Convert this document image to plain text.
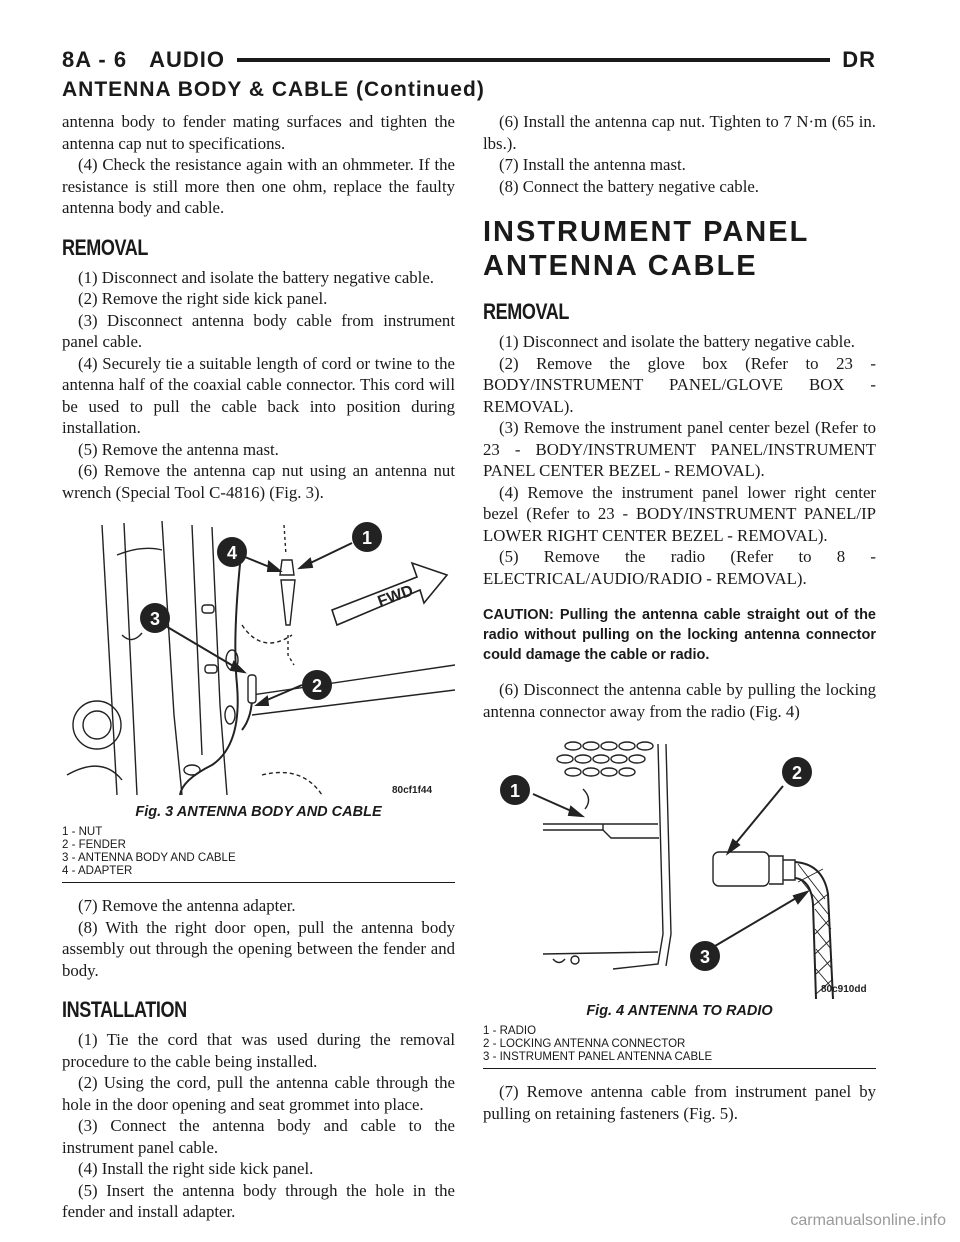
8A - 6 AUDIO	DR
ANTENNA BODY & CABLE (Continued)

antenna body to fender mating surfaces and tighten the antenna cap nut to specifications.

(4) Check the resistance again with an ohmmeter. If the resistance is still more then one ohm, replace the faulty antenna body and cable.

REMOVAL

(1) Disconnect and isolate the battery negative cable.

(2) Remove the right side kick panel.

(3) Disconnect antenna body cable from instrument panel cable.

(4) Securely tie a suitable length of cord or twine to the antenna half of the coaxial cable connector. This cord will be used to pull the cable back into position during installation.

(5) Remove the antenna mast.

(6) Remove the antenna cap nut using an antenna nut wrench (Special Tool C-4816) (Fig. 3).

FWD
1
2
3
4
80cf1f44
Fig. 3 ANTENNA BODY AND CABLE
1 - NUT
2 - FENDER
3 - ANTENNA BODY AND CABLE
4 - ADAPTER

(7) Remove the antenna adapter.

(8) With the right door open, pull the antenna body assembly out through the opening between the fender and body.

INSTALLATION

(1) Tie the cord that was used during the removal procedure to the cable being installed.

(2) Using the cord, pull the antenna cable through the hole in the door opening and seat grommet into place.

(3) Connect the antenna body and cable to the instrument panel cable.

(4) Install the right side kick panel.

(5) Insert the antenna body through the hole in the fender and install adapter.

(6) Install the antenna cap nut. Tighten to 7 N·m (65 in. lbs.).

(7) Install the antenna mast.

(8) Connect the battery negative cable.

INSTRUMENT PANEL ANTENNA CABLE
REMOVAL

(1) Disconnect and isolate the battery negative cable.

(2) Remove the glove box (Refer to 23 - BODY/INSTRUMENT PANEL/GLOVE BOX - REMOVAL).

(3) Remove the instrument panel center bezel (Refer to 23 - BODY/INSTRUMENT PANEL/INSTRUMENT PANEL CENTER BEZEL - REMOVAL).

(4) Remove the instrument panel lower right center bezel (Refer to 23 - BODY/INSTRUMENT PANEL/IP LOWER RIGHT CENTER BEZEL - REMOVAL).

(5) Remove the radio (Refer to 8 - ELECTRICAL/AUDIO/RADIO - REMOVAL).

CAUTION: Pulling the antenna cable straight out of the radio without pulling on the locking antenna connector could damage the cable or radio.

(6) Disconnect the antenna cable by pulling the locking antenna connector away from the radio (Fig. 4)

1
2
3
80c910dd
Fig. 4 ANTENNA TO RADIO
1 - RADIO
2 - LOCKING ANTENNA CONNECTOR
3 - INSTRUMENT PANEL ANTENNA CABLE

(7) Remove antenna cable from instrument panel by pulling on retaining fasteners (Fig. 5).

carmanualsonline.info
